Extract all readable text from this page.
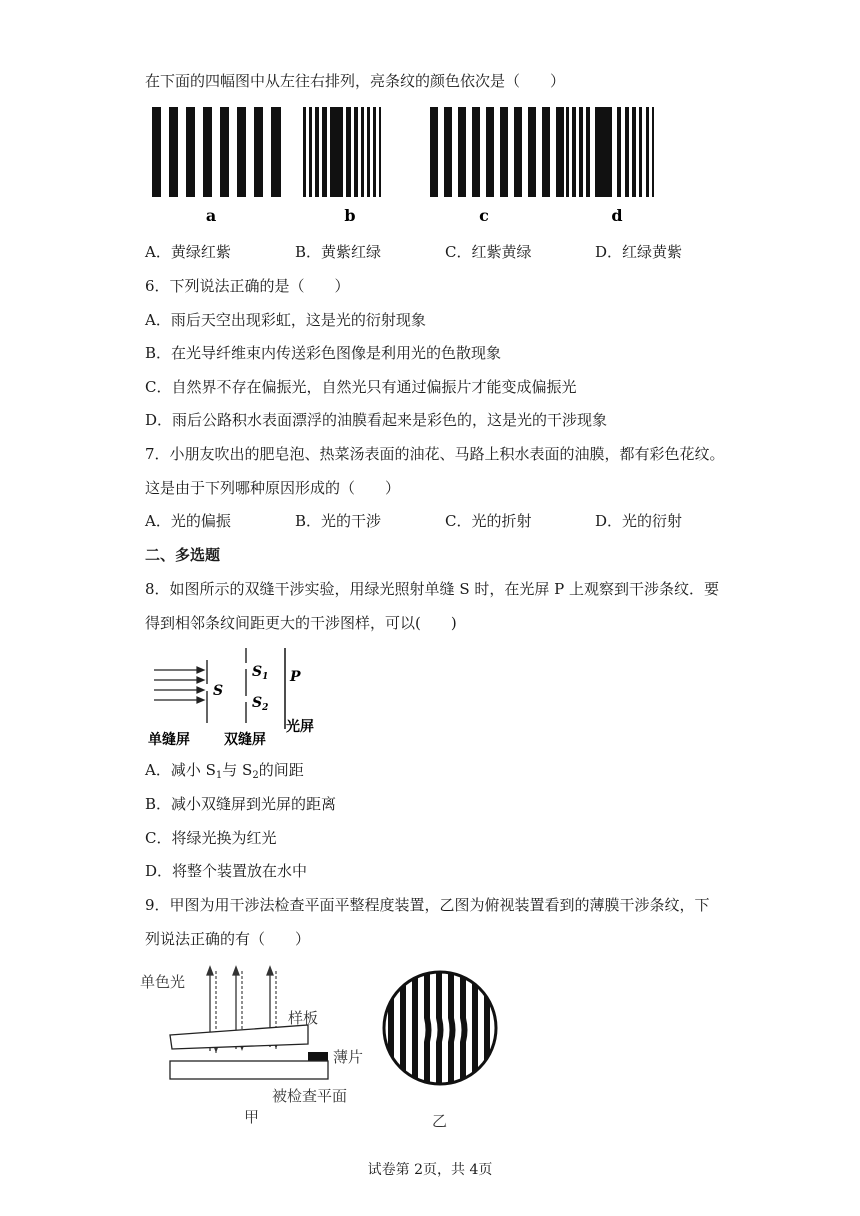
在下面的四幅图中从左往右排列，亮条纹的颜色依次是（　　）
a	b	c	d
A．黄绿红紫	B．黄紫红绿	C．红紫黄绿	D．红绿黄紫
6．下列说法正确的是（　　）
A．雨后天空出现彩虹，这是光的衍射现象
B．在光导纤维束内传送彩色图像是利用光的色散现象
C．自然界不存在偏振光，自然光只有通过偏振片才能变成偏振光
D．雨后公路积水表面漂浮的油膜看起来是彩色的，这是光的干涉现象
7．小朋友吹出的肥皂泡、热菜汤表面的油花、马路上积水表面的油膜，都有彩色花纹。
这是由于下列哪种原因形成的（　　）
A．光的偏振	B．光的干涉	C．光的折射	D．光的衍射
二、多选题
8．如图所示的双缝干涉实验，用绿光照射单缝 S 时，在光屏 P 上观察到干涉条纹．要
得到相邻条纹间距更大的干涉图样，可以(　　)
S
$S_1$
$S_2$
P
单缝屏 双缝屏
光屏
A．减小 $S_1$与 $S_2$的间距
B．减小双缝屏到光屏的距离
C．将绿光换为红光
D．将整个装置放在水中
9．甲图为用干涉法检查平面平整程度装置，乙图为俯视装置看到的薄膜干涉条纹，下
列说法正确的有（　　）
单色光
样板
薄片
被检查平面
甲	乙
试卷第 2页，共 4页
